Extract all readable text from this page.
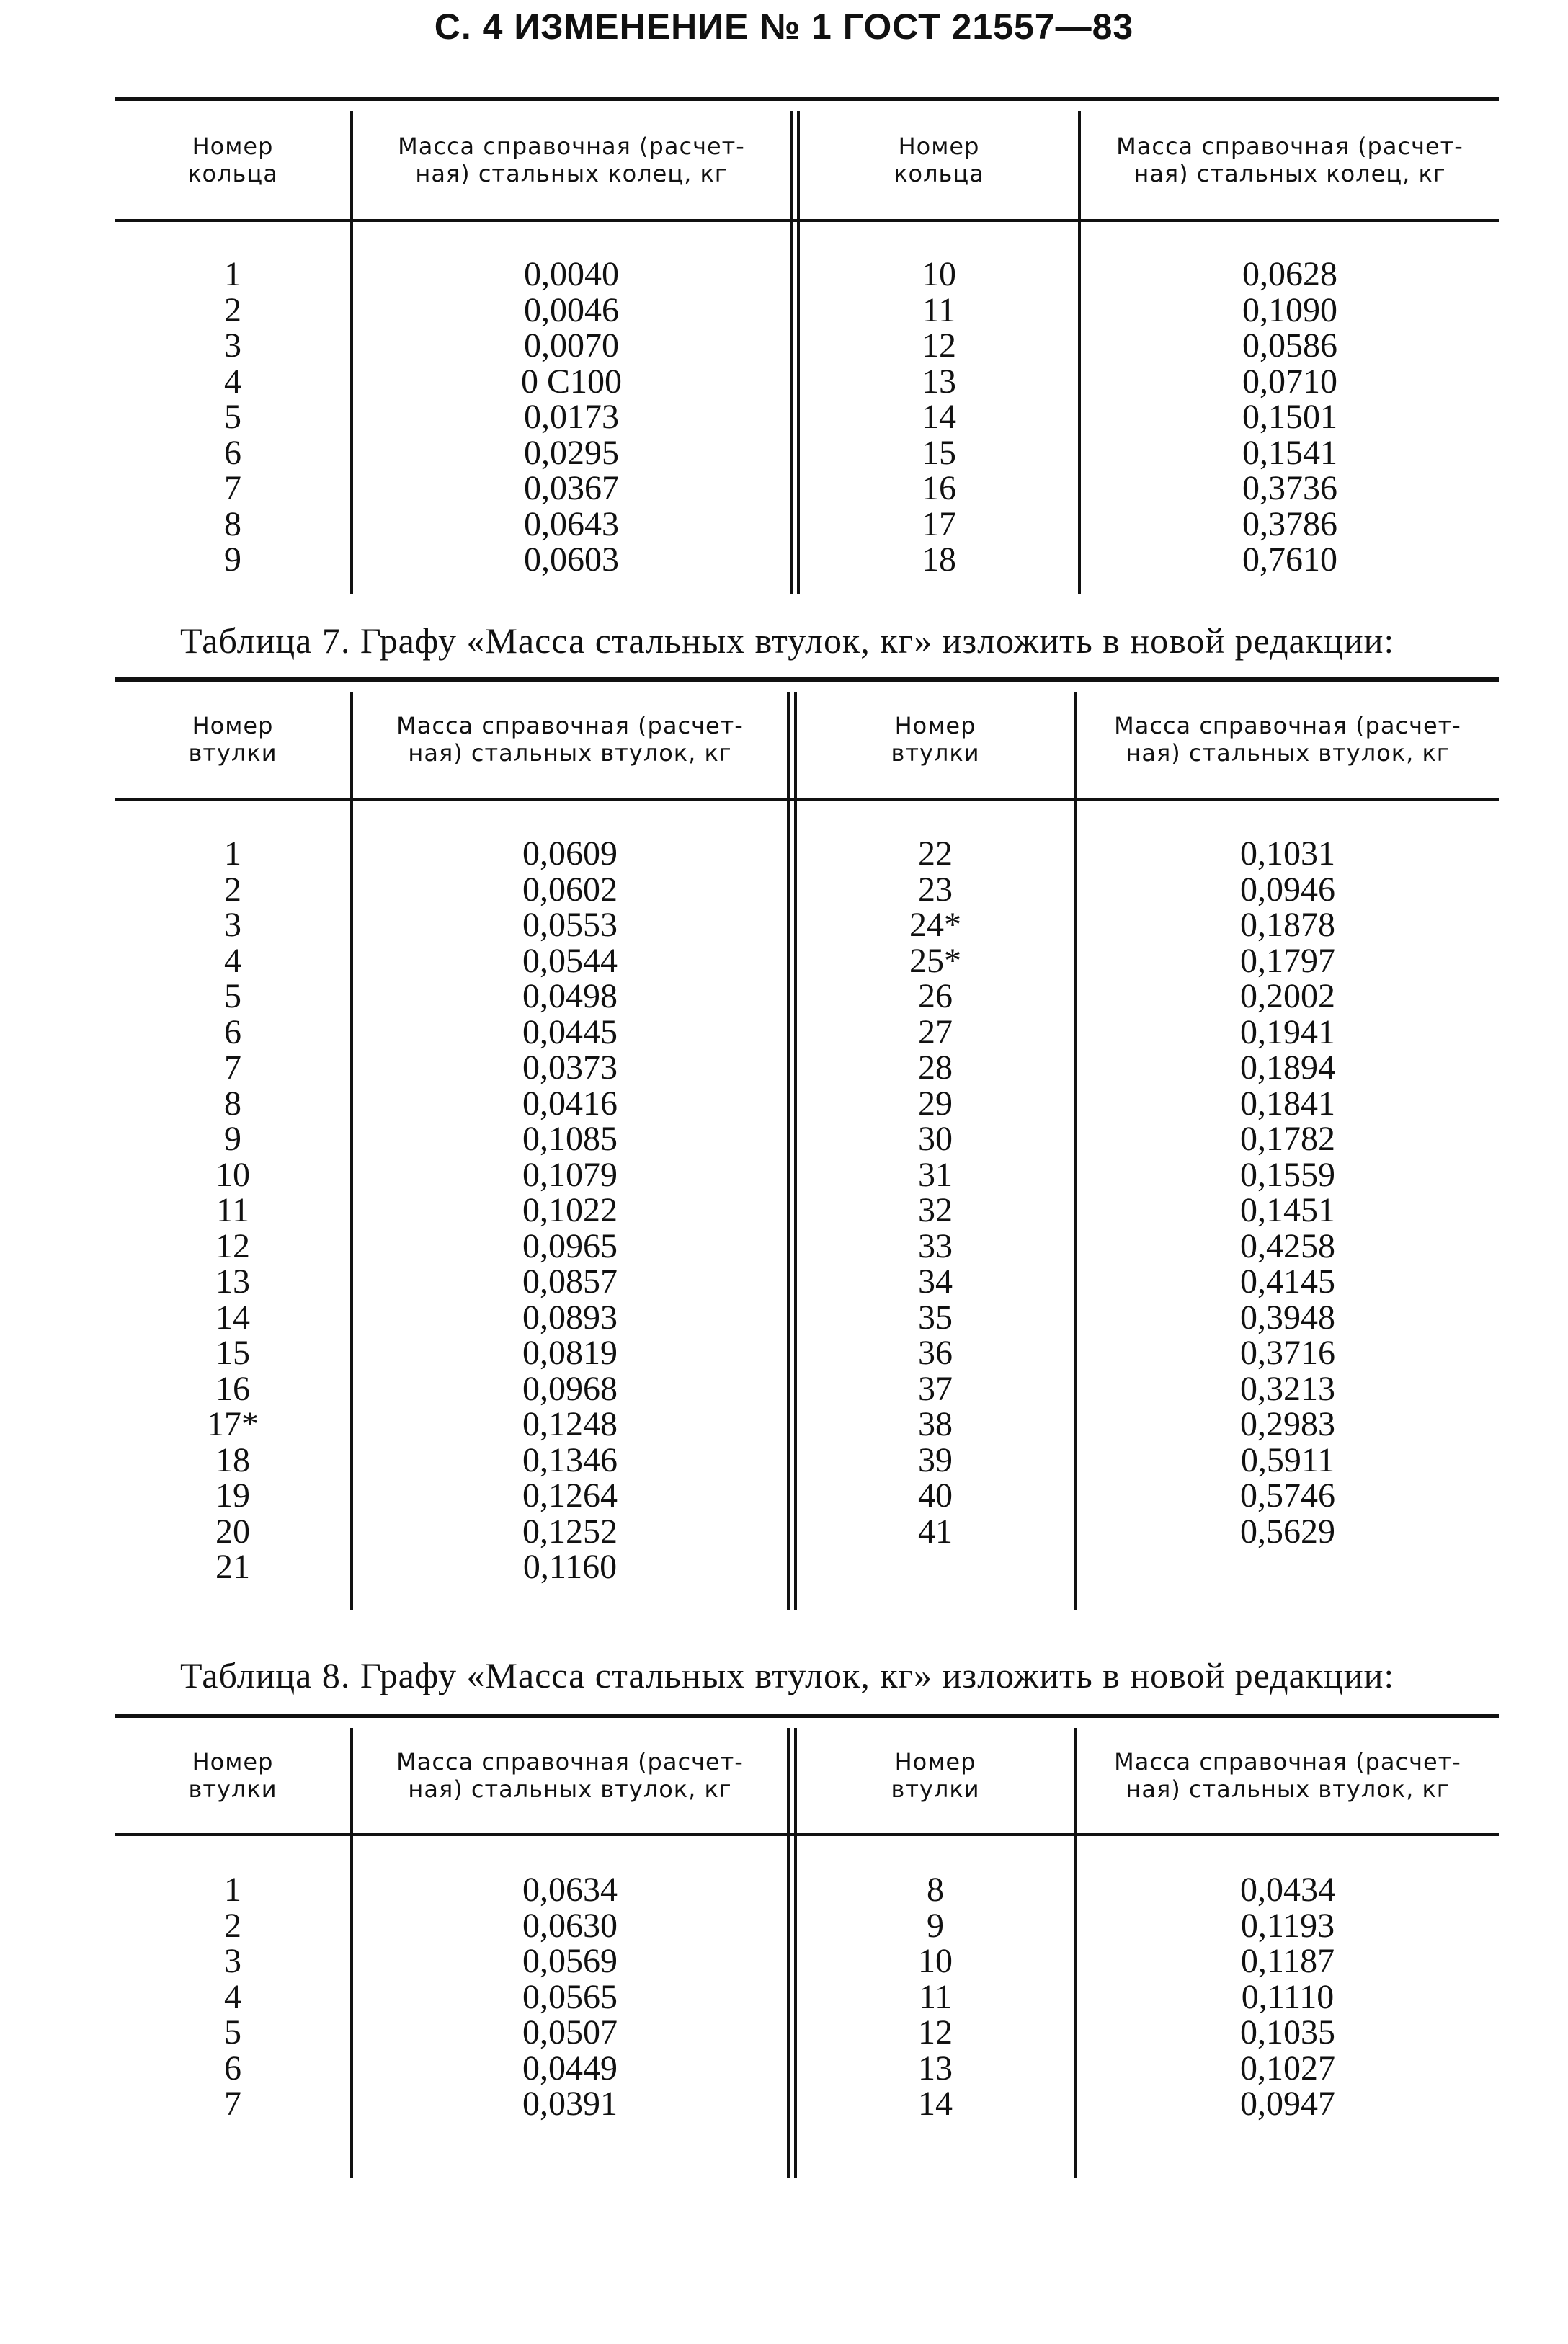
С. 4 ИЗМЕНЕНИЕ № 1 ГОСТ 21557—83
Номер
кольца
Масса справочная (расчет-
ная) стальных колец, кг
Номер
кольца
Масса справочная (расчет-
ная) стальных колец, кг
1
2
3
4
5
6
7
8
9
0,0040
0,0046
0,0070
0 C100
0,0173
0,0295
0,0367
0,0643
0,0603
10
11
12
13
14
15
16
17
18
0,0628
0,1090
0,0586
0,0710
0,1501
0,1541
0,3736
0,3786
0,7610
Таблица 7. Графу «Масса стальных втулок, кг» изложить в новой редакции:
Номер
втулки
Масса справочная (расчет-
ная) стальных втулок, кг
Номер
втулки
Масса справочная (расчет-
ная) стальных втулок, кг
1
2
3
4
5
6
7
8
9
10
11
12
13
14
15
16
17*
18
19
20
21
0,0609
0,0602
0,0553
0,0544
0,0498
0,0445
0,0373
0,0416
0,1085
0,1079
0,1022
0,0965
0,0857
0,0893
0,0819
0,0968
0,1248
0,1346
0,1264
0,1252
0,1160
22
23
24*
25*
26
27
28
29
30
31
32
33
34
35
36
37
38
39
40
41
0,1031
0,0946
0,1878
0,1797
0,2002
0,1941
0,1894
0,1841
0,1782
0,1559
0,1451
0,4258
0,4145
0,3948
0,3716
0,3213
0,2983
0,5911
0,5746
0,5629
Таблица 8. Графу «Масса стальных втулок, кг» изложить в новой редакции:
Номер
втулки
Масса справочная (расчет-
ная) стальных втулок, кг
Номер
втулки
Масса справочная (расчет-
ная) стальных втулок, кг
1
2
3
4
5
6
7
0,0634
0,0630
0,0569
0,0565
0,0507
0,0449
0,0391
8
9
10
11
12
13
14
0,0434
0,1193
0,1187
0,1110
0,1035
0,1027
0,0947
